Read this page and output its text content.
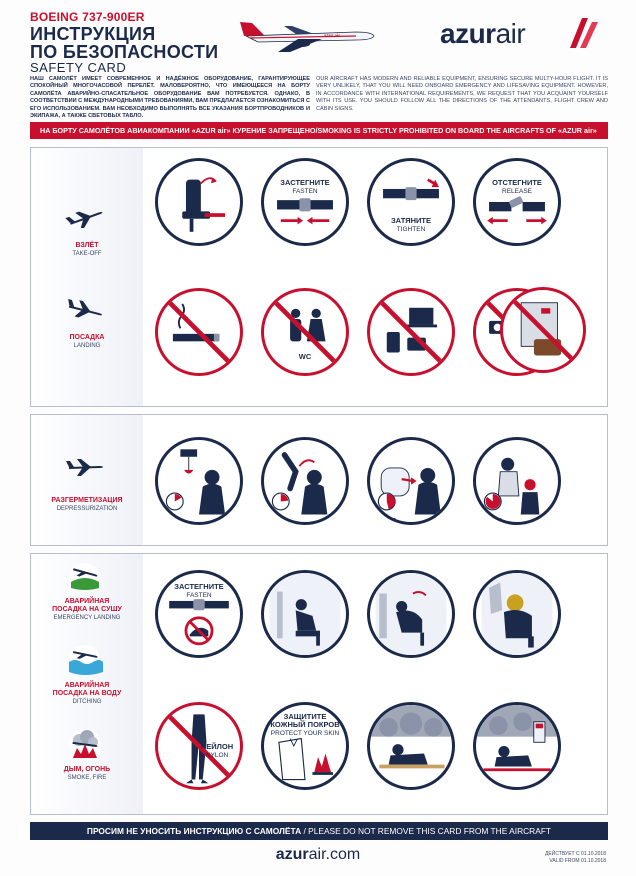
BOEING 737-900ER
ИНСТРУКЦИЯ
ПО БЕЗОПАСНОСТИ
SAFETY CARD
azur air	azurair
НАШ САМОЛЁТ ИМЕЕТ СОВРЕМЕННОЕ И НАДЁЖНОЕ ОБОРУДОВАНИЕ, ГАРАНТИРУЮЩЕЕ СПОКОЙНЫЙ МНОГОЧАСОВОЙ ПЕРЕЛЁТ. МАЛОВЕРОЯТНО, ЧТО ИМЕЮЩЕЕСЯ НА БОРТУ САМОЛЁТА АВАРИЙНО-СПАСАТЕЛЬНОЕ ОБОРУДОВАНИЕ ВАМ ПОТРЕБУЕТСЯ. ОДНАКО, В СООТВЕТСТВИИ С МЕЖДУНАРОДНЫМИ ТРЕБОВАНИЯМИ, ВАМ ПРЕДЛАГАЕТСЯ ОЗНАКОМИТЬСЯ С ЕГО ИСПОЛЬЗОВАНИЕМ. ВАМ НЕОБХОДИМО ВЫПОЛНЯТЬ ВСЕ УКАЗАНИЯ БОРТПРОВОДНИКОВ И ЭКИПАЖА, А ТАКЖЕ СВЕТОВЫХ ТАБЛО.
OUR AIRCRAFT HAS MODERN AND RELIABLE EQUIPMENT, ENSURING SECURE MULTY-HOUR FLIGHT. IT IS VERY UNLIKELY, THAT YOU WILL NEED ONBOARD EMERGENCY AND LIFESAVING EQUIPMENT. HOWEVER, IN ACCORDANCE WITH INTERNATIONAL REQUIREMENTS, WE REQUEST THAT YOU ACQUAINT YOURSELF WITH ITS USE. YOU SHOULD FOLLOW ALL THE DIRECTIONS OF THE ATTENDANTS, FLIGHT CREW AND CABIN SIGNS.
НА БОРТУ САМОЛЁТОВ АВИАКОМПАНИИ «AZUR air» КУРЕНИЕ ЗАПРЕЩЕНО/SMOKING IS STRICTLY PROHIBITED ON BOARD THE AIRCRAFTS OF «AZUR air»
ВЗЛЁТ
TAKE-OFF
ПОСАДКА
LANDING
ЗАСТЕГНИТЕ
FASTEN
ЗАТЯНИТЕ
TIGHTEN
ОТСТЕГНИТЕ
RELEASE
WC
РАЗГЕРМЕТИЗАЦИЯ
DEPRESSURIZATION
sec.4	sec.5	sec.10	sec.15
АВАРИЙНАЯ
ПОСАДКА НА СУШУ
EMERGENCY LANDING
АВАРИЙНАЯ
ПОСАДКА НА ВОДУ
DITCHING
ДЫМ, ОГОНЬ
SMOKE, FIRE
ЗАСТЕГНИТЕ
FASTEN
НЕЙЛОН
NYLON
ЗАЩИТИТЕ
КОЖНЫЙ ПОКРОВ
PROTECT YOUR SKIN
ПРОСИМ НЕ УНОСИТЬ ИНСТРУКЦИЮ С САМОЛЁТА / PLEASE DO NOT REMOVE THIS CARD FROM THE AIRCRAFT
azurair.com	ДЕЙСТВУЕТ С 01.10.2018
VALID FROM 01.10.2018
